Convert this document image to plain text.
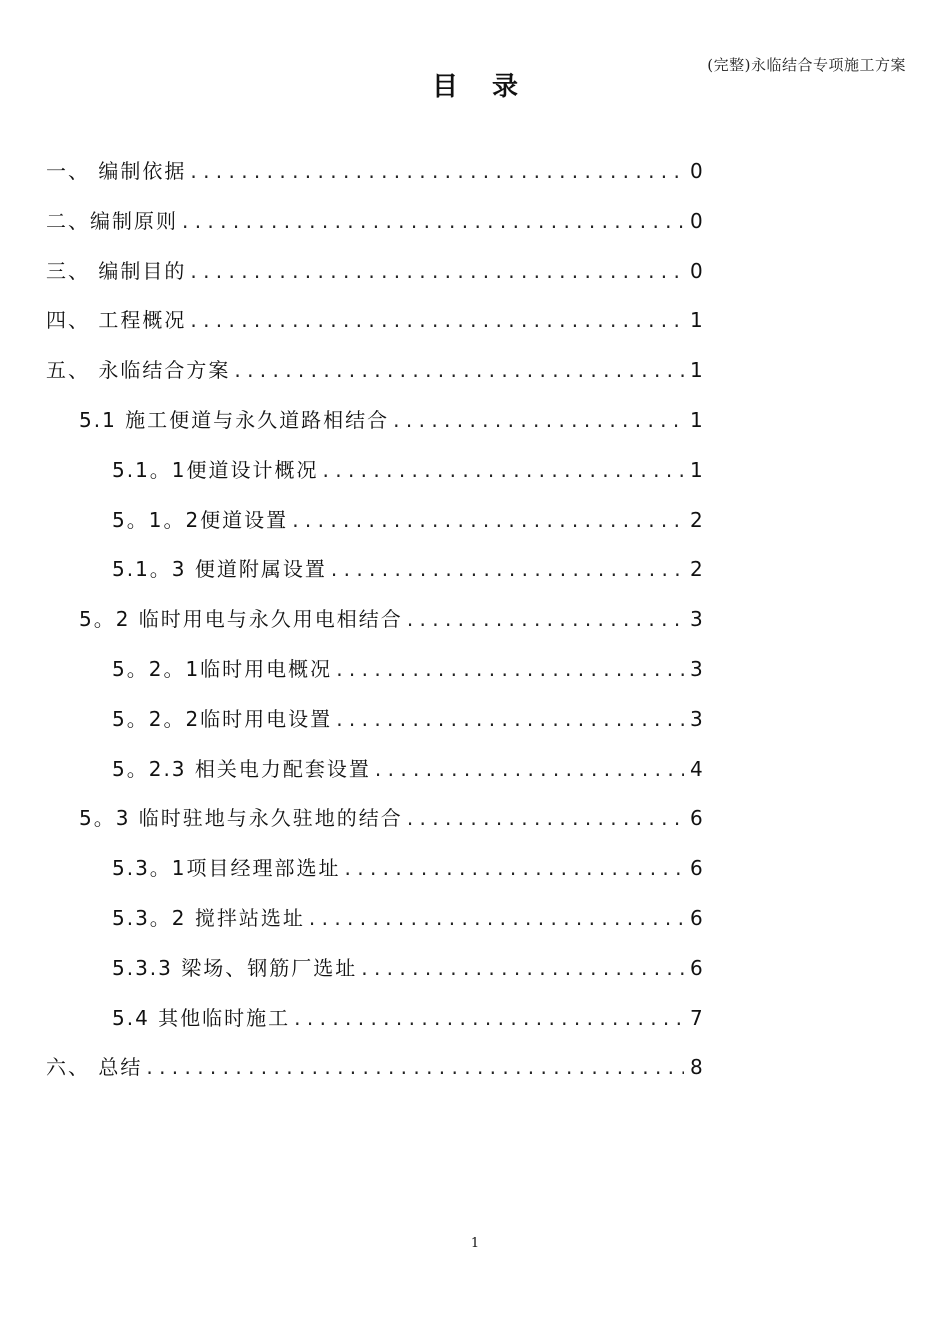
(完整)永临结合专项施工方案
目录
一、 编制依据 . . .	0
二、编制原则 . . .	0
三、 编制目的 . . .	0
四、 工程概况 . . .	1
五、 永临结合方案 . . .	1
5.1 施工便道与永久道路相结合 . . .	1
5.1。1便道设计概况 . . .	1
5。1。2便道设置 . . .	2
5.1。3 便道附属设置 . . .	2
5。2 临时用电与永久用电相结合 . . .	3
5。2。1临时用电概况 . . .	3
5。2。2临时用电设置 . . .	3
5。2.3 相关电力配套设置 . . .	4
5。3 临时驻地与永久驻地的结合 . . .	6
5.3。1项目经理部选址 . . .	6
5.3。2 搅拌站选址 . . .	6
5.3.3 梁场、钢筋厂选址 . . .	6
5.4 其他临时施工 . . .	7
六、 总结 . . .	8
1
